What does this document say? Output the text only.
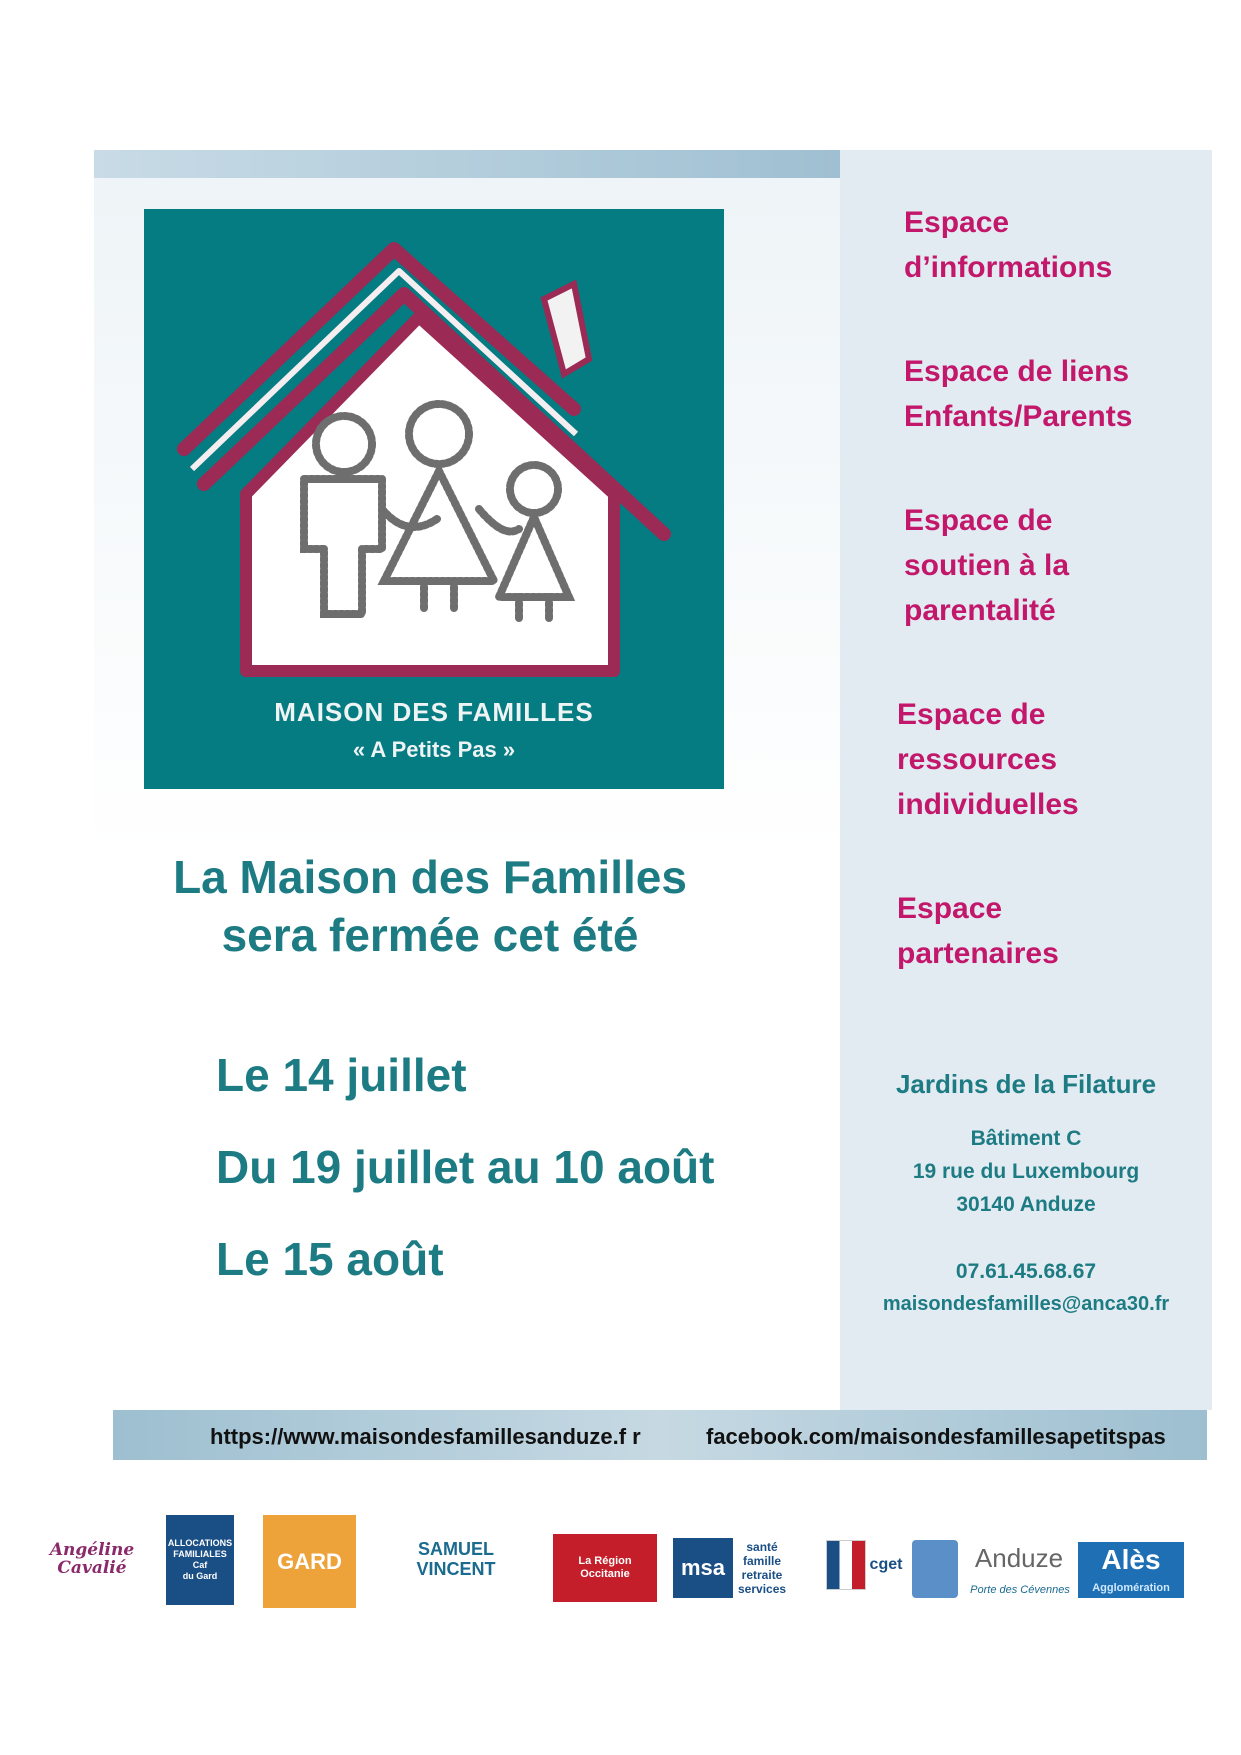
MAISON DES FAMILLES
« A Petits Pas »
Espace
d’informations
Espace de liens
Enfants/Parents
Espace de
soutien à la
parentalité
Espace de
ressources
individuelles
Espace
partenaires
La Maison des Familles
sera fermée cet été
Le 14 juillet
Du 19 juillet au 10 août
Le 15 août
Jardins de la Filature
Bâtiment C
19 rue du Luxembourg
30140 Anduze
07.61.45.68.67
maisondesfamilles@anca30.fr
https://www.maisondesfamillesanduze.f r	facebook.com/maisondesfamillesapetitspas
Angéline
Cavalié
ALLOCATIONS
FAMILIALES
Caf
du Gard
GARD	SAMUEL
VINCENT	La Région
Occitanie	msa
santé
famille
retraite
services
cget	Anduze
Porte des Cévennes
Alès
Agglomération
